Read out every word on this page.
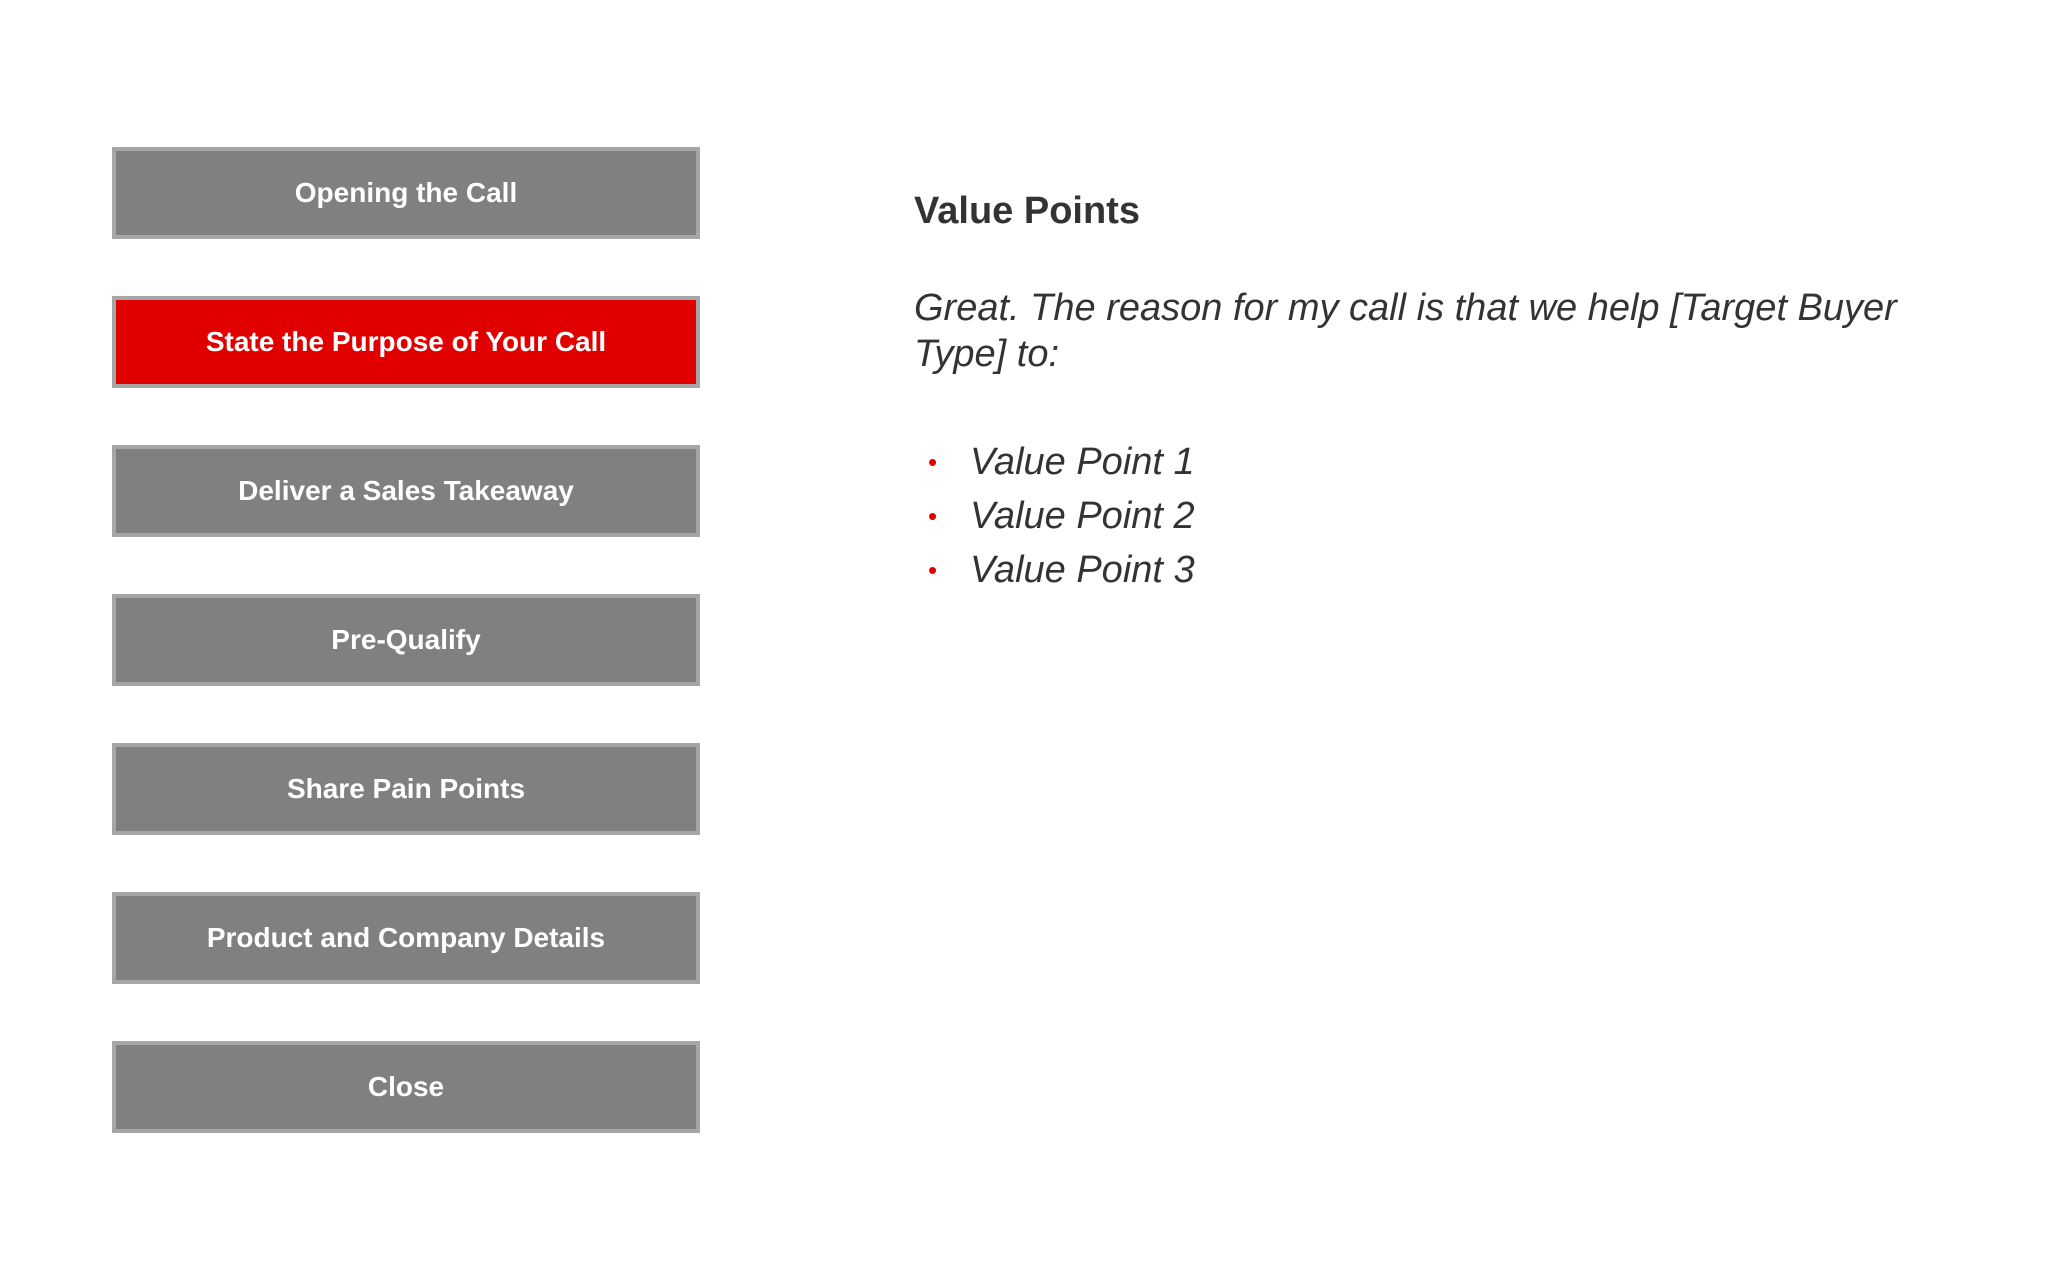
Opening the Call
State the Purpose of Your Call
Deliver a Sales Takeaway
Pre-Qualify
Share Pain Points
Product and Company Details
Close
Value Points

Great. The reason for my call is that we help [Target Buyer Type] to:

• Value Point 1
• Value Point 2
• Value Point 3
